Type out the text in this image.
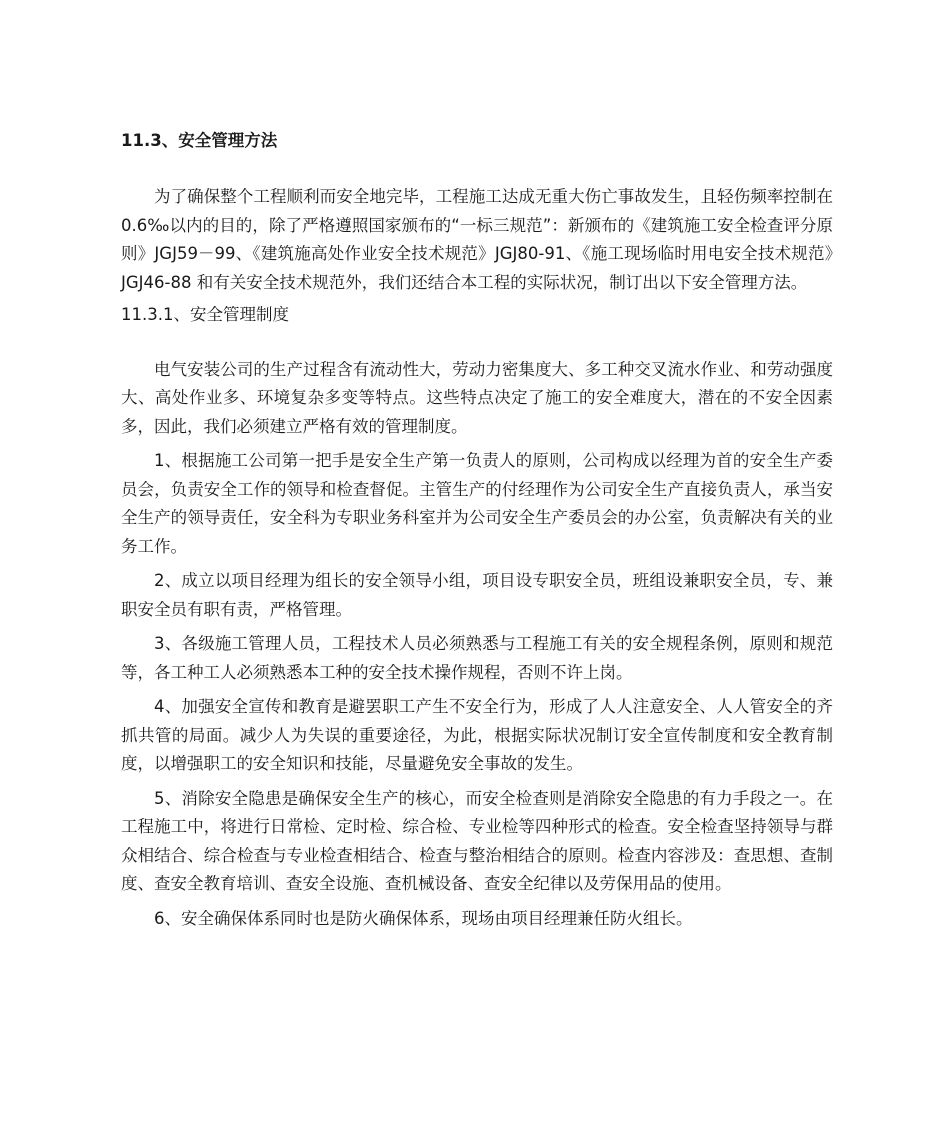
11.3、安全管理方法

为了确保整个工程顺利而安全地完毕，工程施工达成无重大伤亡事故发生，且轻伤频率控制在 0.6‰以内的目的，除了严格遵照国家颁布的“一标三规范”：新颁布的《建筑施工安全检查评分原则》JGJ59－99、《建筑施高处作业安全技术规范》JGJ80-91、《施工现场临时用电安全技术规范》JGJ46-88 和有关安全技术规范外，我们还结合本工程的实际状况，制订出以下安全管理方法。

11.3.1、安全管理制度

电气安装公司的生产过程含有流动性大，劳动力密集度大、多工种交叉流水作业、和劳动强度大、高处作业多、环境复杂多变等特点。这些特点决定了施工的安全难度大，潜在的不安全因素多，因此，我们必须建立严格有效的管理制度。

1、根据施工公司第一把手是安全生产第一负责人的原则，公司构成以经理为首的安全生产委员会，负责安全工作的领导和检查督促。主管生产的付经理作为公司安全生产直接负责人，承当安全生产的领导责任，安全科为专职业务科室并为公司安全生产委员会的办公室，负责解决有关的业务工作。

2、成立以项目经理为组长的安全领导小组，项目设专职安全员，班组设兼职安全员，专、兼职安全员有职有责，严格管理。

3、各级施工管理人员，工程技术人员必须熟悉与工程施工有关的安全规程条例，原则和规范等，各工种工人必须熟悉本工种的安全技术操作规程，否则不许上岗。

4、加强安全宣传和教育是避罢职工产生不安全行为，形成了人人注意安全、人人管安全的齐抓共管的局面。减少人为失误的重要途径，为此，根据实际状况制订安全宣传制度和安全教育制度，以增强职工的安全知识和技能，尽量避免安全事故的发生。

5、消除安全隐患是确保安全生产的核心，而安全检查则是消除安全隐患的有力手段之一。在工程施工中，将进行日常检、定时检、综合检、专业检等四种形式的检查。安全检查坚持领导与群众相结合、综合检查与专业检查相结合、检查与整治相结合的原则。检查内容涉及：查思想、查制度、查安全教育培训、查安全设施、查机械设备、查安全纪律以及劳保用品的使用。

6、安全确保体系同时也是防火确保体系，现场由项目经理兼任防火组长。
